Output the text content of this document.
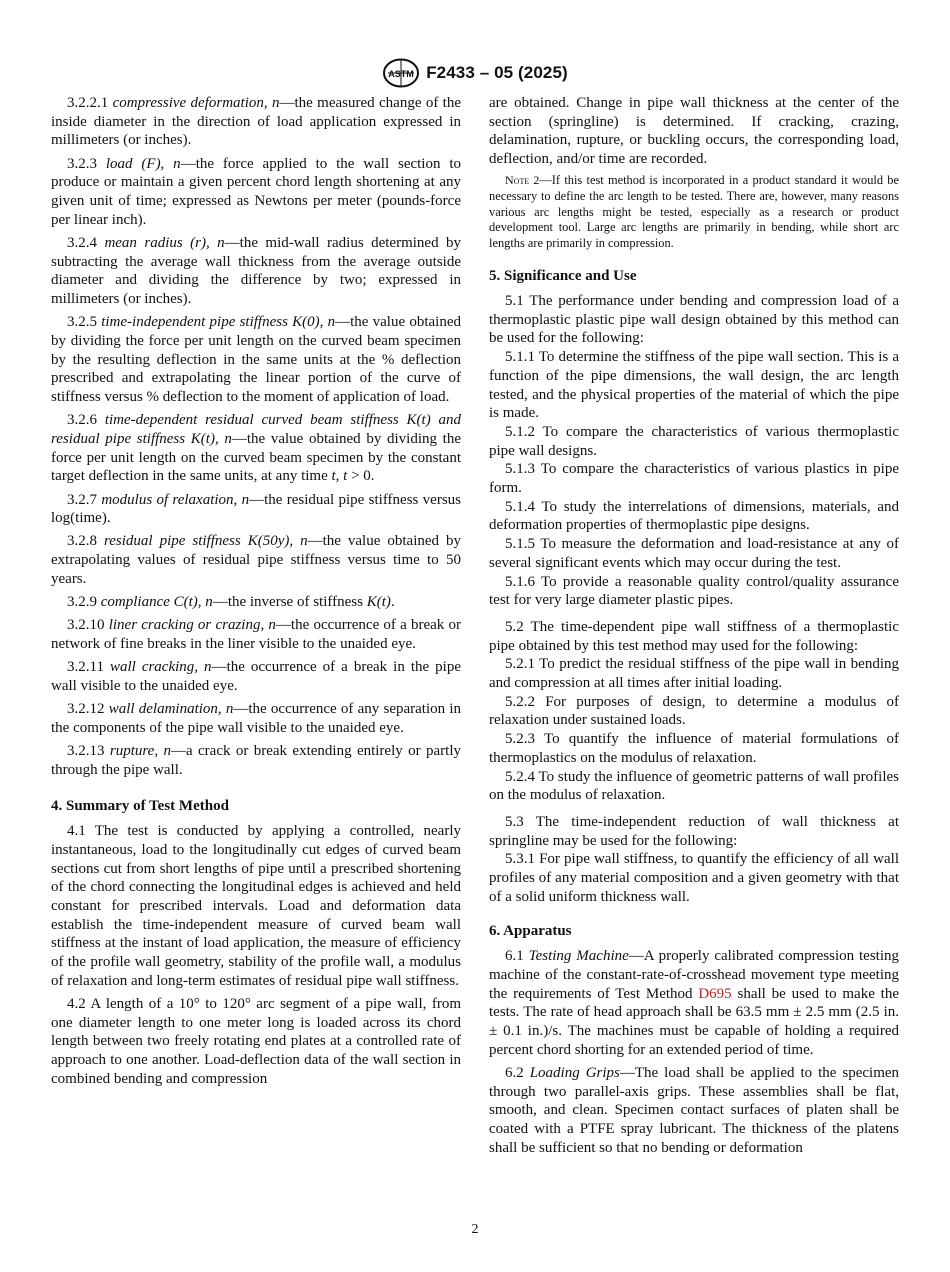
ASTM F2433 – 05 (2025)

3.2.2.1 compressive deformation, n—the measured change of the inside diameter in the direction of load application expressed in millimeters (or inches).

3.2.3 load (F), n—the force applied to the wall section to produce or maintain a given percent chord length shortening at any given unit of time; expressed as Newtons per meter (pounds-force per linear inch).

3.2.4 mean radius (r), n—the mid-wall radius determined by subtracting the average wall thickness from the average outside diameter and dividing the difference by two; expressed in millimeters (or inches).

3.2.5 time-independent pipe stiffness K(0), n—the value obtained by dividing the force per unit length on the curved beam specimen by the resulting deflection in the same units at the % deflection prescribed and extrapolating the linear portion of the curve of stiffness versus % deflection to the moment of application of load.

3.2.6 time-dependent residual curved beam stiffness K(t) and residual pipe stiffness K(t), n—the value obtained by dividing the force per unit length on the curved beam specimen by the constant target deflection in the same units, at any time t, t > 0.

3.2.7 modulus of relaxation, n—the residual pipe stiffness versus log(time).

3.2.8 residual pipe stiffness K(50y), n—the value obtained by extrapolating values of residual pipe stiffness versus time to 50 years.

3.2.9 compliance C(t), n—the inverse of stiffness K(t).

3.2.10 liner cracking or crazing, n—the occurrence of a break or network of fine breaks in the liner visible to the unaided eye.

3.2.11 wall cracking, n—the occurrence of a break in the pipe wall visible to the unaided eye.

3.2.12 wall delamination, n—the occurrence of any separation in the components of the pipe wall visible to the unaided eye.

3.2.13 rupture, n—a crack or break extending entirely or partly through the pipe wall.

4. Summary of Test Method

4.1 The test is conducted by applying a controlled, nearly instantaneous, load to the longitudinally cut edges of curved beam sections cut from short lengths of pipe until a prescribed shortening of the chord connecting the longitudinal edges is achieved and held constant for prescribed intervals. Load and deformation data establish the time-independent measure of curved beam wall stiffness at the instant of load application, the measure of efficiency of the profile wall geometry, stability of the profile wall, a modulus of relaxation and long-term estimates of residual pipe wall stiffness.

4.2 A length of a 10° to 120° arc segment of a pipe wall, from one diameter length to one meter long is loaded across its chord length between two freely rotating end plates at a controlled rate of approach to one another. Load-deflection data of the wall section in combined bending and compression

are obtained. Change in pipe wall thickness at the center of the section (springline) is determined. If cracking, crazing, delamination, rupture, or buckling occurs, the corresponding load, deflection, and/or time are recorded.

Note 2—If this test method is incorporated in a product standard it would be necessary to define the arc length to be tested. There are, however, many reasons various arc lengths might be tested, especially as a research or product development tool. Large arc lengths are primarily in bending, while short arc lengths are primarily in compression.

5. Significance and Use

5.1 The performance under bending and compression load of a thermoplastic plastic pipe wall design obtained by this method can be used for the following:

5.1.1 To determine the stiffness of the pipe wall section. This is a function of the pipe dimensions, the wall design, the arc length tested, and the physical properties of the material of which the pipe is made.

5.1.2 To compare the characteristics of various thermoplastic pipe wall designs.

5.1.3 To compare the characteristics of various plastics in pipe form.

5.1.4 To study the interrelations of dimensions, materials, and deformation properties of thermoplastic pipe designs.

5.1.5 To measure the deformation and load-resistance at any of several significant events which may occur during the test.

5.1.6 To provide a reasonable quality control/quality assurance test for very large diameter plastic pipes.

5.2 The time-dependent pipe wall stiffness of a thermoplastic pipe obtained by this test method may used for the following:

5.2.1 To predict the residual stiffness of the pipe wall in bending and compression at all times after initial loading.

5.2.2 For purposes of design, to determine a modulus of relaxation under sustained loads.

5.2.3 To quantify the influence of material formulations of thermoplastics on the modulus of relaxation.

5.2.4 To study the influence of geometric patterns of wall profiles on the modulus of relaxation.

5.3 The time-independent reduction of wall thickness at springline may be used for the following:

5.3.1 For pipe wall stiffness, to quantify the efficiency of all wall profiles of any material composition and a given geometry with that of a solid uniform thickness wall.

6. Apparatus

6.1 Testing Machine—A properly calibrated compression testing machine of the constant-rate-of-crosshead movement type meeting the requirements of Test Method D695 shall be used to make the tests. The rate of head approach shall be 63.5 mm ± 2.5 mm (2.5 in. ± 0.1 in.)/s. The machines must be capable of holding a required percent chord shorting for an extended period of time.

6.2 Loading Grips—The load shall be applied to the specimen through two parallel-axis grips. These assemblies shall be flat, smooth, and clean. Specimen contact surfaces of platen shall be coated with a PTFE spray lubricant. The thickness of the platens shall be sufficient so that no bending or deformation

2
